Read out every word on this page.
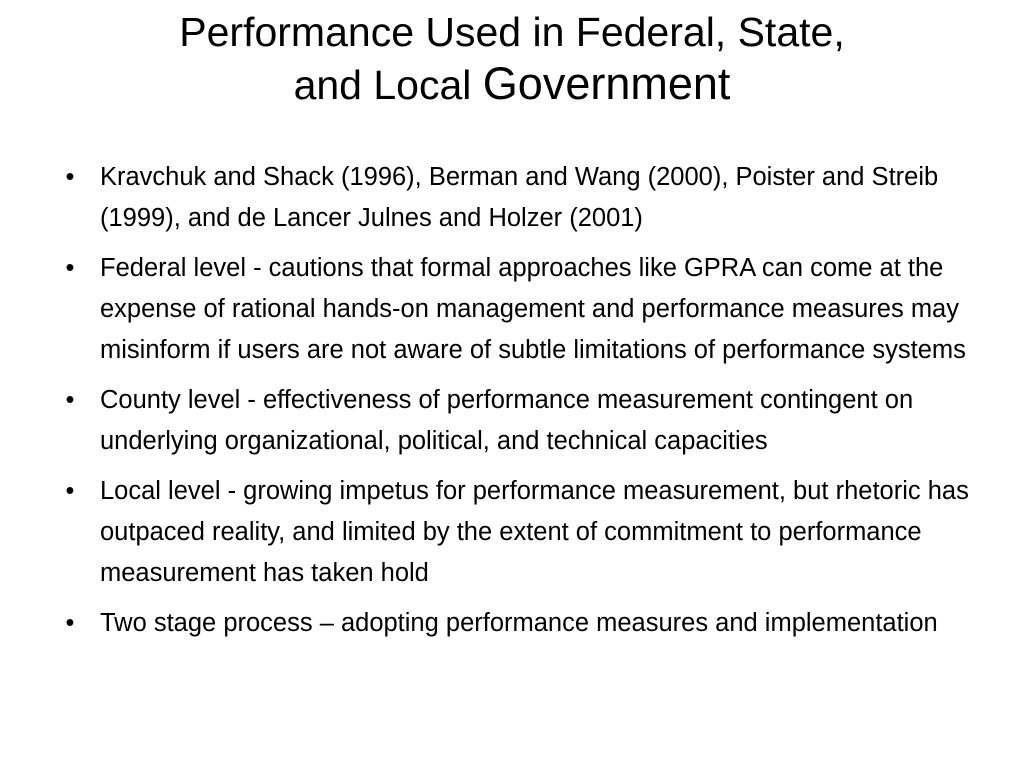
Performance Used in Federal, State,
and Local Government
• Kravchuk and Shack (1996), Berman and Wang (2000), Poister and Streib (1999), and de Lancer Julnes and Holzer (2001)
• Federal level - cautions that formal approaches like GPRA can come at the expense of rational hands-on management and performance measures may misinform if users are not aware of subtle limitations of performance systems
• County level - effectiveness of performance measurement contingent on underlying organizational, political, and technical capacities
• Local level - growing impetus for performance measurement, but rhetoric has outpaced reality, and limited by the extent of commitment to performance measurement has taken hold
• Two stage process – adopting performance measures and implementation
